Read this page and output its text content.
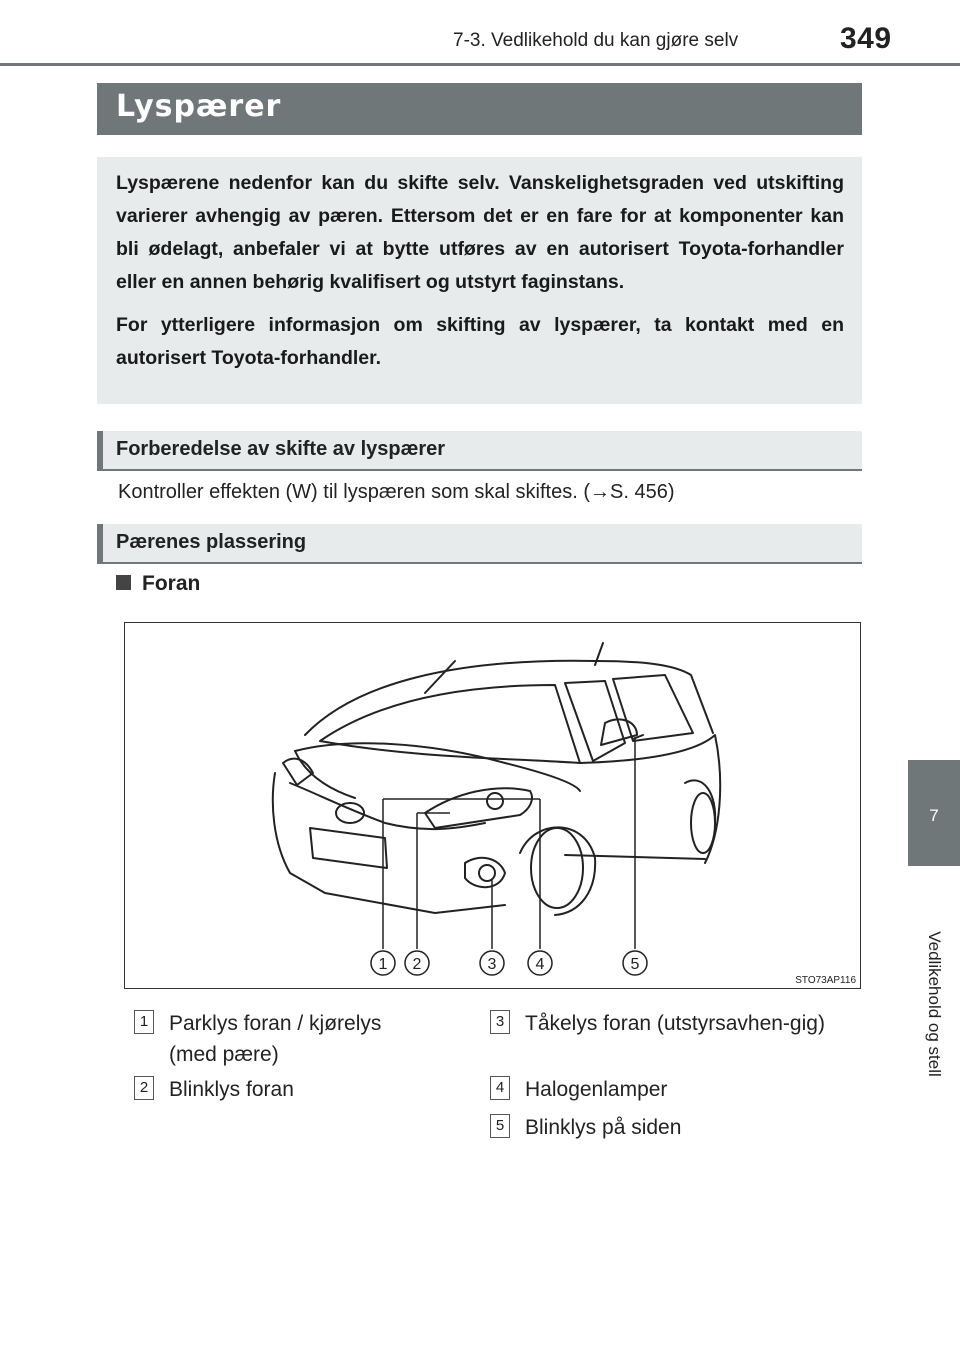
7-3. Vedlikehold du kan gjøre selv	349
7
Vedlikehold og stell
Lyspærer

Lyspærene nedenfor kan du skifte selv. Vanskelighetsgraden ved utskifting varierer avhengig av pæren. Ettersom det er en fare for at komponenter kan bli ødelagt, anbefaler vi at bytte utføres av en autorisert Toyota-forhandler eller en annen behørig kvalifisert og utstyrt faginstans.

For ytterligere informasjon om skifting av lyspærer, ta kontakt med en autorisert Toyota-forhandler.

Forberedelse av skifte av lyspærer
Kontroller effekten (W) til lyspæren som skal skiftes. (→S. 456)
Pærenes plassering
Foran
1 2	3 4	5
STO73AP116
1 Parklys foran / kjørelys (med pære)
2 Blinklys foran
3 Tåkelys foran (utstyrsavhen-gig)
4 Halogenlamper
5 Blinklys på siden
